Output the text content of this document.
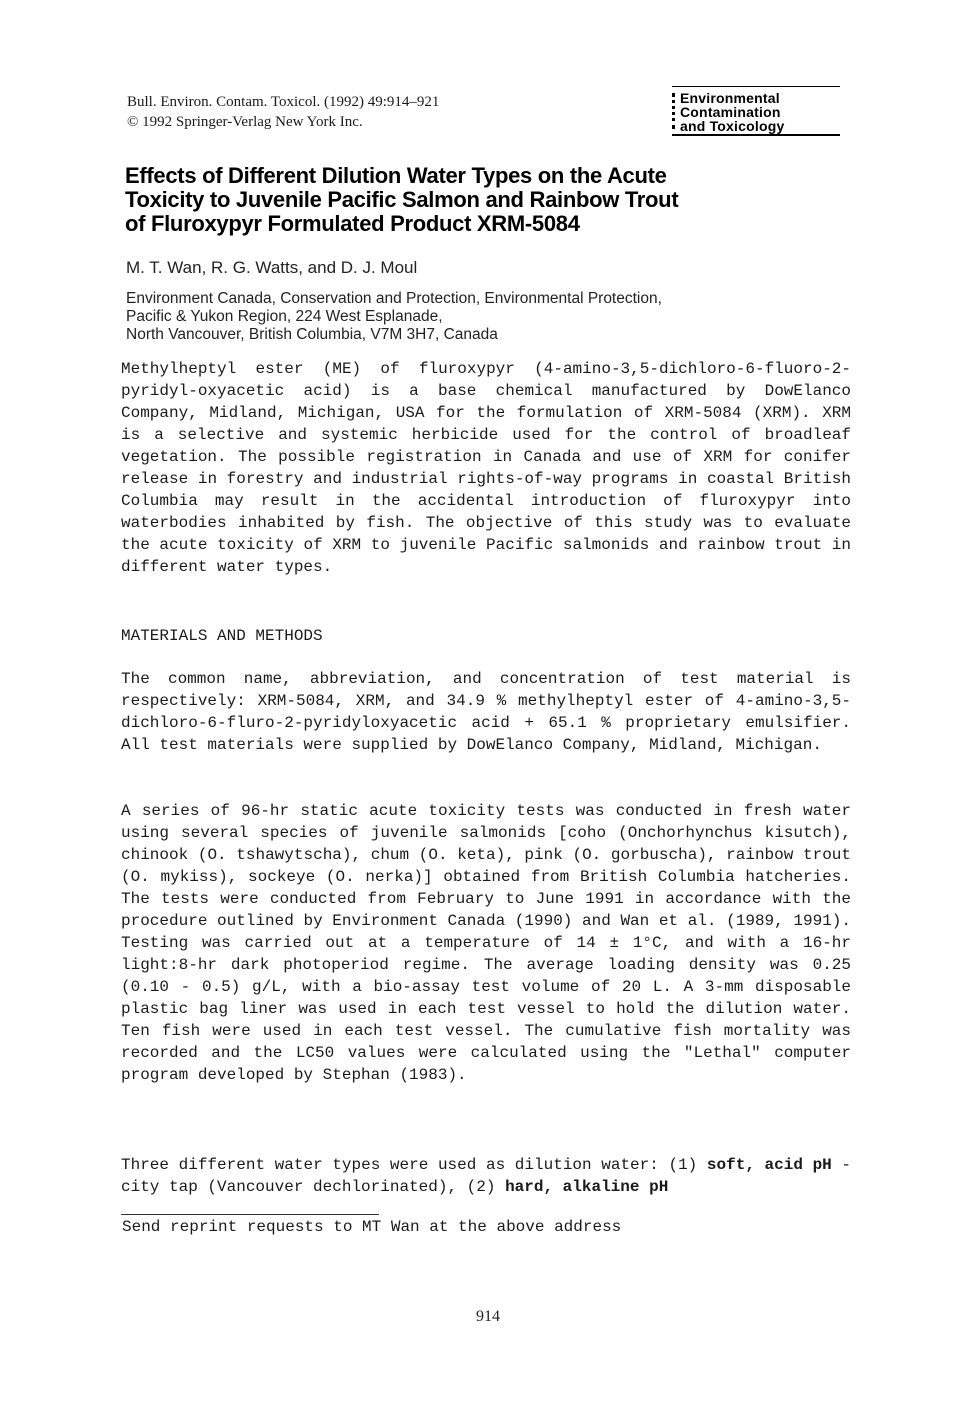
Bull. Environ. Contam. Toxicol. (1992) 49:914–921
© 1992 Springer-Verlag New York Inc.
Environmental
Contamination
and Toxicology
Effects of Different Dilution Water Types on the Acute
Toxicity to Juvenile Pacific Salmon and Rainbow Trout
of Fluroxypyr Formulated Product XRM-5084
M. T. Wan, R. G. Watts, and D. J. Moul
Environment Canada, Conservation and Protection, Environmental Protection,
Pacific & Yukon Region, 224 West Esplanade,
North Vancouver, British Columbia, V7M 3H7, Canada
Methylheptyl ester (ME) of fluroxypyr (4-amino-3,5-dichloro-6-fluoro-2-pyridyl-oxyacetic acid) is a base chemical manufactured by DowElanco Company, Midland, Michigan, USA for the formulation of XRM-5084 (XRM). XRM is a selective and systemic herbicide used for the control of broadleaf vegetation. The possible registration in Canada and use of XRM for conifer release in forestry and industrial rights-of-way programs in coastal British Columbia may result in the accidental introduction of fluroxypyr into waterbodies inhabited by fish. The objective of this study was to evaluate the acute toxicity of XRM to juvenile Pacific salmonids and rainbow trout in different water types.
MATERIALS AND METHODS
The common name, abbreviation, and concentration of test material is respectively: XRM-5084, XRM, and 34.9 % methylheptyl ester of 4-amino-3,5-dichloro-6-fluro-2-pyridyloxyacetic acid + 65.1 % proprietary emulsifier. All test materials were supplied by DowElanco Company, Midland, Michigan.
A series of 96-hr static acute toxicity tests was conducted in fresh water using several species of juvenile salmonids [coho (Onchorhynchus kisutch), chinook (O. tshawytscha), chum (O. keta), pink (O. gorbuscha), rainbow trout (O. mykiss), sockeye (O. nerka)] obtained from British Columbia hatcheries. The tests were conducted from February to June 1991 in accordance with the procedure outlined by Environment Canada (1990) and Wan et al. (1989, 1991). Testing was carried out at a temperature of 14 ± 1°C, and with a 16-hr light:8-hr dark photoperiod regime. The average loading density was 0.25 (0.10 - 0.5) g/L, with a bio-assay test volume of 20 L. A 3-mm disposable plastic bag liner was used in each test vessel to hold the dilution water. Ten fish were used in each test vessel. The cumulative fish mortality was recorded and the LC50 values were calculated using the "Lethal" computer program developed by Stephan (1983).
Three different water types were used as dilution water: (1) soft, acid pH - city tap (Vancouver dechlorinated), (2) hard, alkaline pH
Send reprint requests to MT Wan at the above address
914
